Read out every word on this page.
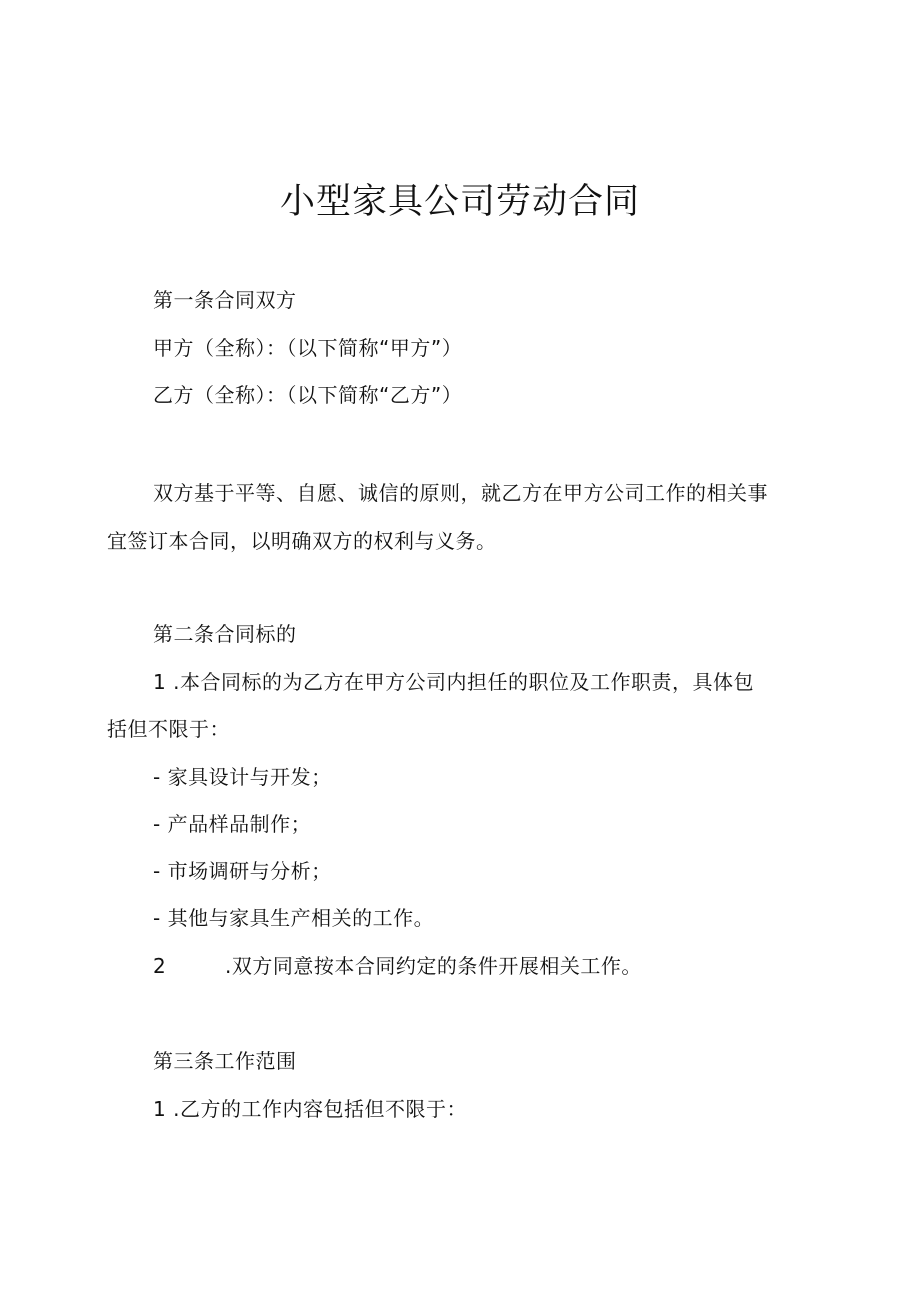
小型家具公司劳动合同
第一条合同双方
甲方（全称）：（以下简称“甲方”）
乙方（全称）：（以下简称“乙方”）
双方基于平等、自愿、诚信的原则，就乙方在甲方公司工作的相关事
宜签订本合同，以明确双方的权利与义务。
第二条合同标的
1 .本合同标的为乙方在甲方公司内担任的职位及工作职责，具体包
括但不限于：
- 家具设计与开发；
- 产品样品制作；
- 市场调研与分析；
- 其他与家具生产相关的工作。
2	.双方同意按本合同约定的条件开展相关工作。
第三条工作范围
1 .乙方的工作内容包括但不限于：
